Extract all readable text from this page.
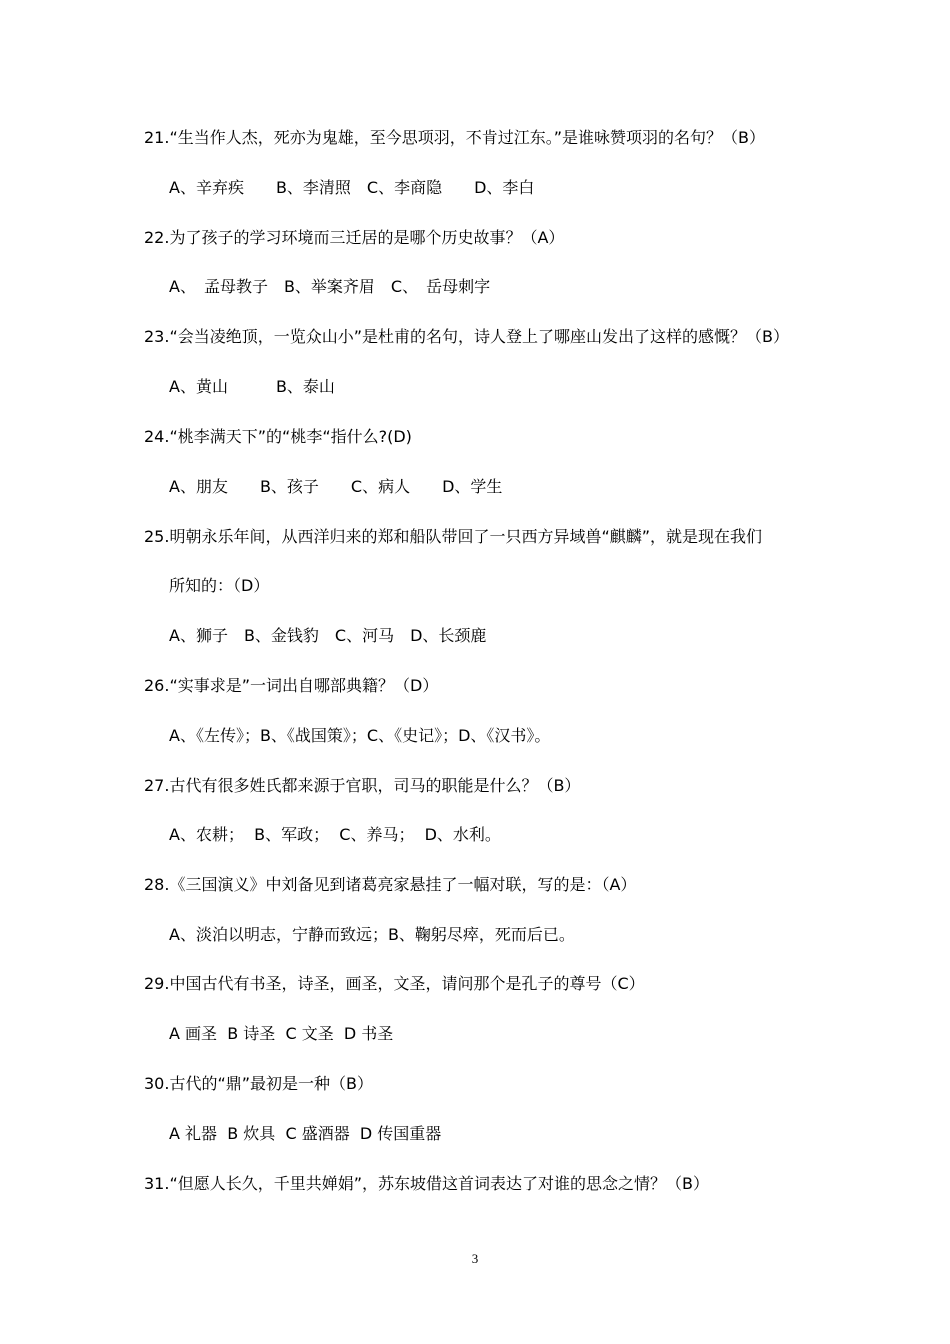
21.“生当作人杰，死亦为鬼雄，至今思项羽，不肯过江东。”是谁咏赞项羽的名句？（B）
A、辛弃疾　　B、李清照　C、李商隐　　D、李白
22.为了孩子的学习环境而三迁居的是哪个历史故事？（A）
A、　孟母教子　B、举案齐眉　C、　岳母刺字
23.“会当凌绝顶，一览众山小”是杜甫的名句，诗人登上了哪座山发出了这样的感慨？（B）
A、黄山　　　B、泰山
24.“桃李满天下”的“桃李“指什么?(D)
A、朋友　　B、孩子　　C、病人　　D、学生
25.明朝永乐年间，从西洋归来的郑和船队带回了一只西方异域兽“麒麟”，就是现在我们
所知的：（D）
A、狮子　B、金钱豹　C、河马　D、长颈鹿
26.“实事求是”一词出自哪部典籍？（D）
A、《左传》；B、《战国策》；C、《史记》；D、《汉书》。
27.古代有很多姓氏都来源于官职，司马的职能是什么？（B）
A、农耕；  B、军政；  C、养马；  D、水利。
28.《三国演义》中刘备见到诸葛亮家悬挂了一幅对联，写的是：（A）
A、淡泊以明志，宁静而致远；B、鞠躬尽瘁，死而后已。
29.中国古代有书圣，诗圣，画圣，文圣，请问那个是孔子的尊号（C）
A 画圣  B 诗圣  C 文圣  D 书圣
30.古代的“鼎”最初是一种（B）
A 礼器  B 炊具  C 盛酒器  D 传国重器
31.“但愿人长久，千里共婵娟”，苏东坡借这首词表达了对谁的思念之情？（B）
3
